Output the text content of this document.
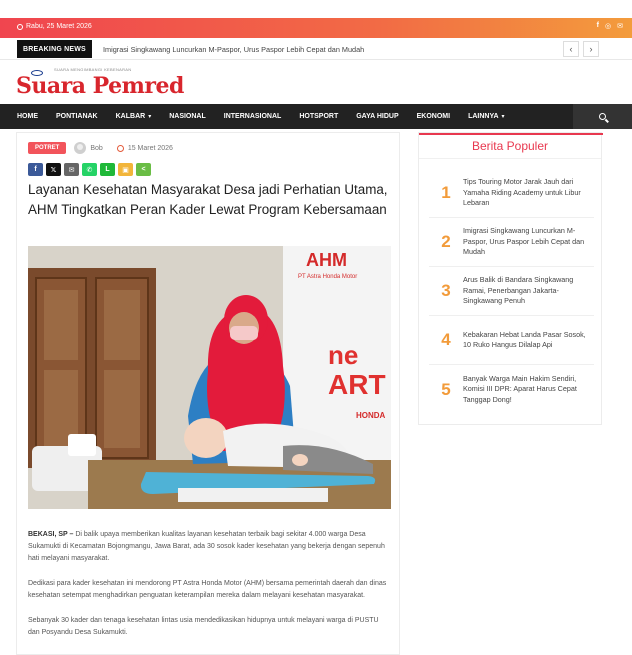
Rabu, 25 Maret 2026	f ◎ ✉
BREAKING NEWS	Imigrasi Singkawang Luncurkan M-Paspor, Urus Paspor Lebih Cepat dan Mudah	‹	›
SUARA MENGIMBANGI KEBENARAN
Suara Pemred
HOME	PONTIANAK	KALBAR ▾	NASIONAL	INTERNASIONAL	HOTSPORT	GAYA HIDUP	EKONOMI	LAINNYA ▾
POTRET	Bob	15 Maret 2026
f	𝕏	✉	✆	L	▣	<
Layanan Kesehatan Masyarakat Desa jadi Perhatian Utama, AHM Tingkatkan Peran Kader Lewat Program Kebersamaan
AHM
PT Astra Honda Motor
ne
ART
HONDA

BEKASI, SP – Di balik upaya memberikan kualitas layanan kesehatan terbaik bagi sekitar 4.000 warga Desa Sukamukti di Kecamatan Bojongmangu, Jawa Barat, ada 30 sosok kader kesehatan yang bekerja dengan sepenuh hati melayani masyarakat.

Dedikasi para kader kesehatan ini mendorong PT Astra Honda Motor (AHM) bersama pemerintah daerah dan dinas kesehatan setempat menghadirkan penguatan keterampilan mereka dalam melayani kesehatan masyarakat.

Sebanyak 30 kader dan tenaga kesehatan lintas usia mendedikasikan hidupnya untuk melayani warga di PUSTU dan Posyandu Desa Sukamukti.

Berita Populer
1
Tips Touring Motor Jarak Jauh dari Yamaha Riding Academy untuk Libur Lebaran
2
Imigrasi Singkawang Luncurkan M-Paspor, Urus Paspor Lebih Cepat dan Mudah
3
Arus Balik di Bandara Singkawang Ramai, Penerbangan Jakarta-Singkawang Penuh
4	Kebakaran Hebat Landa Pasar Sosok, 10 Ruko Hangus Dilalap Api
5
Banyak Warga Main Hakim Sendiri, Komisi III DPR: Aparat Harus Cepat Tanggap Dong!
